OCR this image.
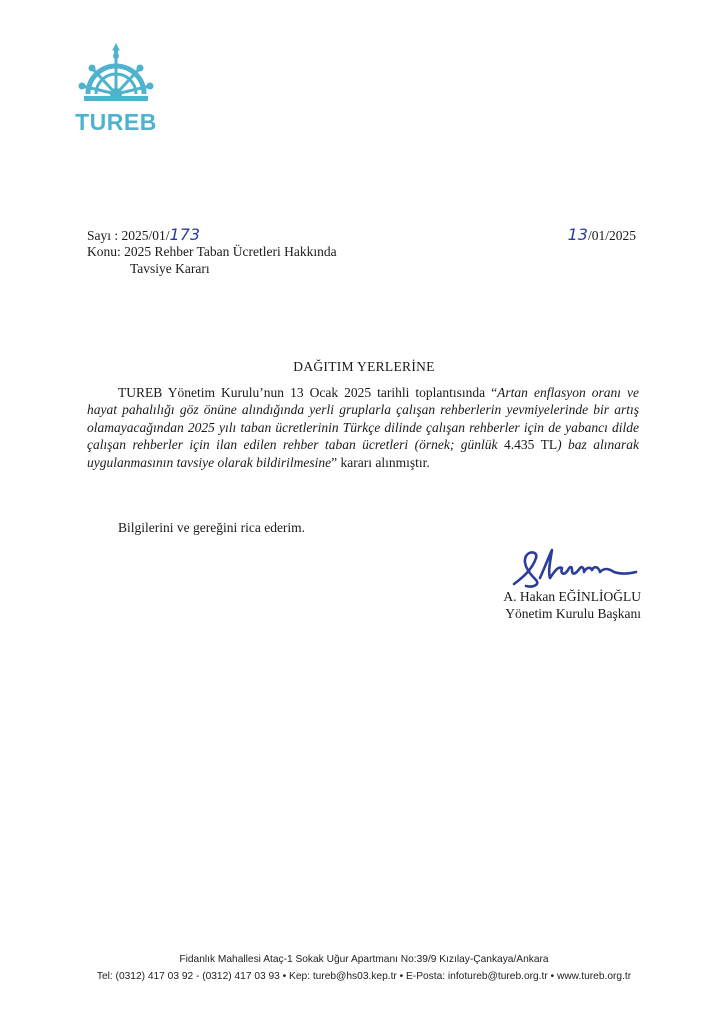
TUREB
Sayı : 2025/01/173
Konu: 2025 Rehber Taban Ücretleri Hakkında
Tavsiye Kararı
13/01/2025
DAĞITIM YERLERİNE
TUREB Yönetim Kurulu’nun 13 Ocak 2025 tarihli toplantısında “Artan enflasyon oranı ve hayat pahalılığı göz önüne alındığında yerli gruplarla çalışan rehberlerin yevmiyelerinde bir artış olamayacağından 2025 yılı taban ücretlerinin Türkçe dilinde çalışan rehberler için de yabancı dilde çalışan rehberler için ilan edilen rehber taban ücretleri (örnek; günlük 4.435 TL) baz alınarak uygulanmasının tavsiye olarak bildirilmesine” kararı alınmıştır.
Bilgilerini ve gereğini rica ederim.
A. Hakan EĞİNLİOĞLU
Yönetim Kurulu Başkanı
Fidanlık Mahallesi Ataç-1 Sokak Uğur Apartmanı No:39/9 Kızılay-Çankaya/Ankara
Tel: (0312) 417 03 92 - (0312) 417 03 93 • Kep: tureb@hs03.kep.tr • E-Posta: infotureb@tureb.org.tr • www.tureb.org.tr
